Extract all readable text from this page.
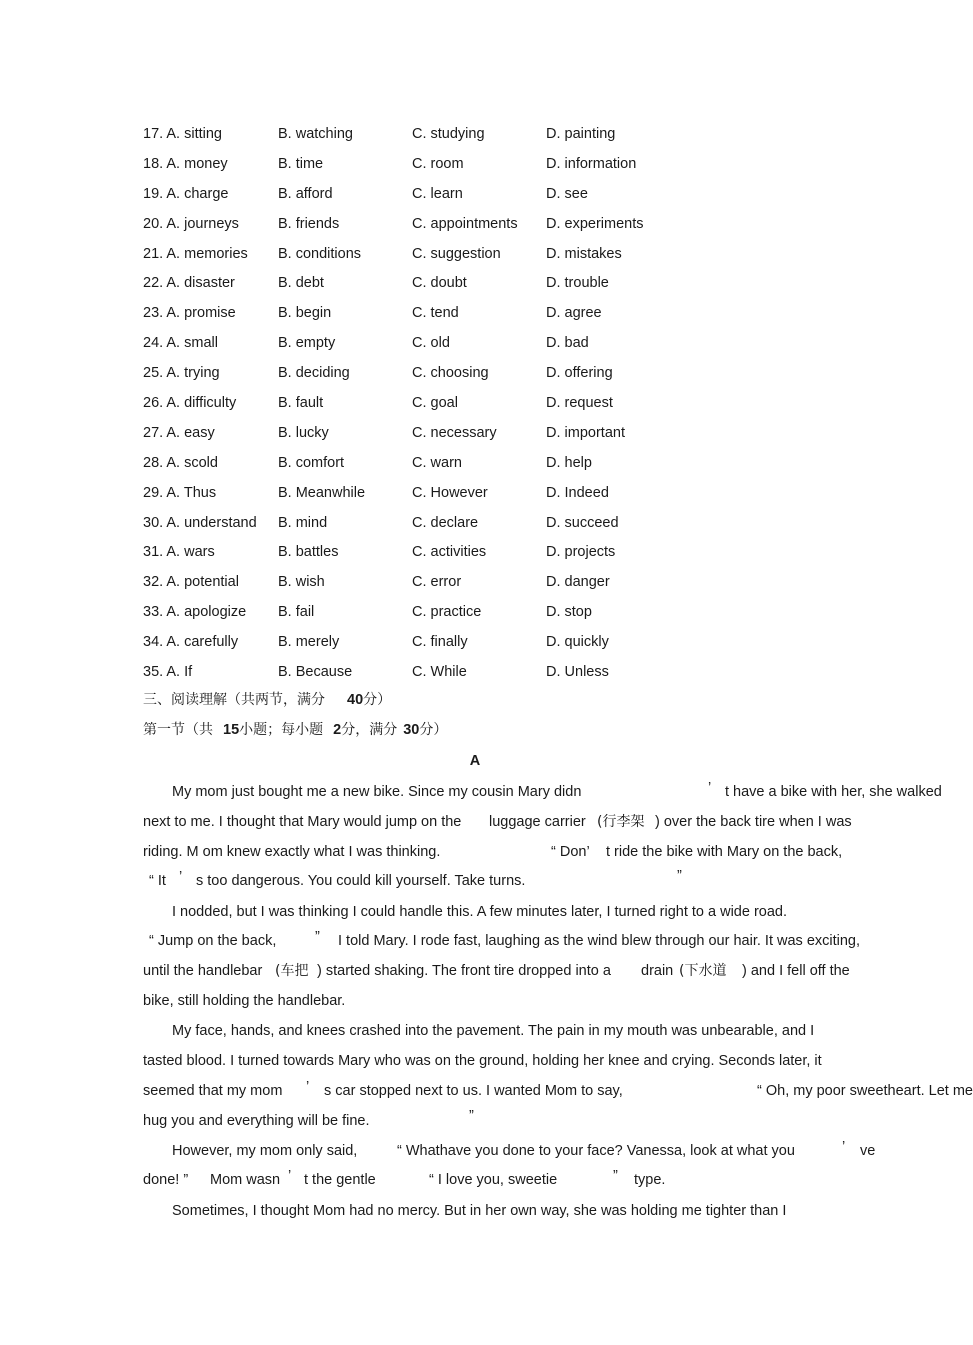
17. A. sitting	B. watching	C. studying	D. painting
18. A. money	B. time	C. room	D. information
19. A. charge	B. afford	C. learn	D. see
20. A. journeys	B. friends	C. appointments D. experiments
21. A. memories B. conditions	C. suggestion	D. mistakes
22. A. disaster	B. debt	C. doubt	D. trouble
23. A. promise	B. begin	C. tend	D. agree
24. A. small	B. empty	C. old	D. bad
25. A. trying	B. deciding	C. choosing	D. offering
26. A. difficulty	B. fault	C. goal	D. request
27. A. easy	B. lucky	C. necessary	D. important
28. A. scold	B. comfort	C. warn	D. help
29. A. Thus	B. Meanwhile	C. However	D. Indeed
30. A. understand B. mind	C. declare	D. succeed
31. A. wars	B. battles	C. activities	D. projects
32. A. potential	B. wish	C. error	D. danger
33. A. apologize B. fail	C. practice	D. stop
34. A. carefully	B. merely	C. finally	D. quickly
35. A. If	B. Because	C. While	D. Unless
三、阅读理解（共两节，满分 40分）
第一节（共 15小题；每小题 2分，满分 30分）
A
My mom just bought me a new bike. Since my cousin Mary didn	’ t have a bike with her, she walked
next to me. I thought that Mary would jump on the luggage carrier (行李架 ) over the back tire when I was
riding. M om knew exactly what I was thinking.	“ Don’ t ride the bike with Mary on the back,
“ It ’ s too dangerous. You could kill yourself. Take turns.	”
I nodded, but I was thinking I could handle this. A few minutes later, I turned right to a wide road.
“ Jump on the back,	” I told Mary. I rode fast, laughing as the wind blew through our hair. It was exciting,
until the handlebar (车把 ) started shaking. The front tire dropped into a drain (下水道 ) and I fell off the
bike, still holding the handlebar.
My face, hands, and knees crashed into the pavement. The pain in my mouth was unbearable, and I
tasted blood. I turned towards Mary who was on the ground, holding her knee and crying. Seconds later, it
seemed that my mom ’ s car stopped next to us. I wanted Mom to say,	“ Oh, my poor sweetheart. Let me
hug you and everything will be fine.	”
However, my mom only said,	“ Whathave you done to your face? Vanessa, look at what you	’ ve
done! ” Mom wasn ’ t the gentle	“ I love you, sweetie	” type.
Sometimes, I thought Mom had no mercy. But in her own way, she was holding me tighter than I
